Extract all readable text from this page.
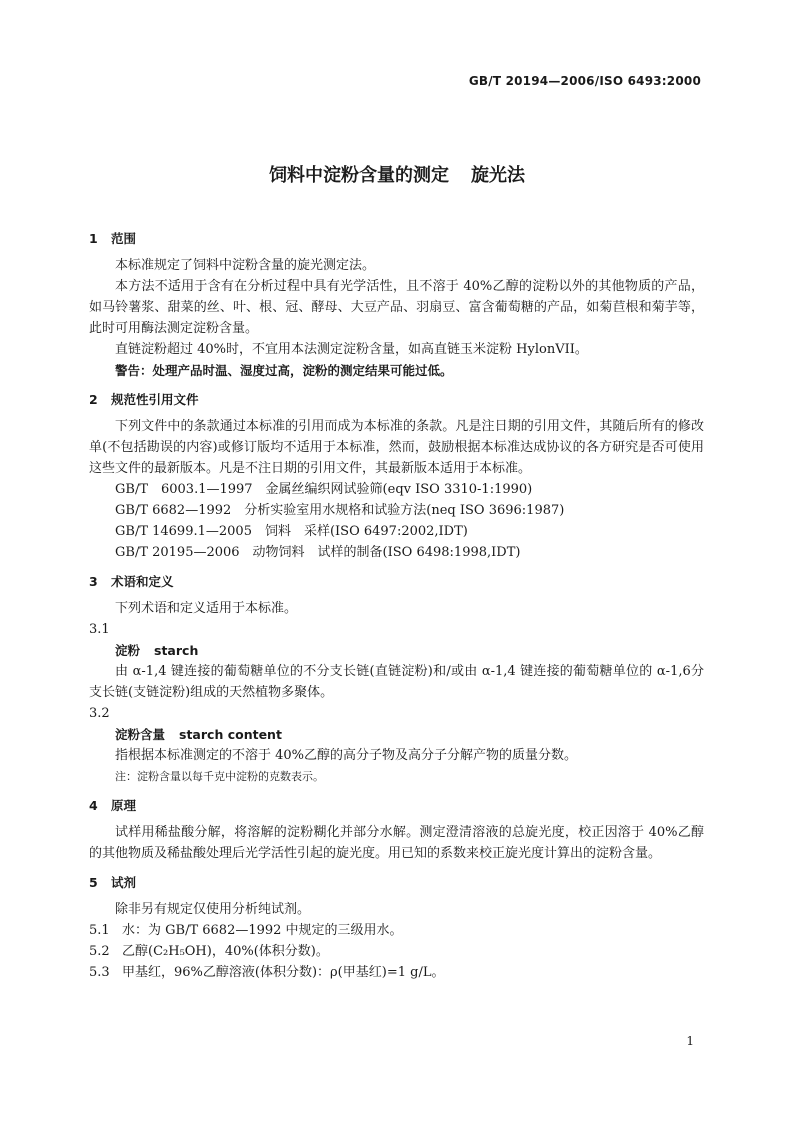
GB/T 20194—2006/ISO 6493:2000
饲料中淀粉含量的测定 旋光法
1 范围
本标准规定了饲料中淀粉含量的旋光测定法。
本方法不适用于含有在分析过程中具有光学活性，且不溶于 40%乙醇的淀粉以外的其他物质的产品，如马铃薯浆、甜菜的丝、叶、根、冠、酵母、大豆产品、羽扇豆、富含葡萄糖的产品，如菊苣根和菊芋等，此时可用酶法测定淀粉含量。
直链淀粉超过 40%时，不宜用本法测定淀粉含量，如高直链玉米淀粉 HylonVII。
警告：处理产品时温、湿度过高，淀粉的测定结果可能过低。
2 规范性引用文件
下列文件中的条款通过本标准的引用而成为本标准的条款。凡是注日期的引用文件，其随后所有的修改单(不包括勘误的内容)或修订版均不适用于本标准，然而，鼓励根据本标准达成协议的各方研究是否可使用这些文件的最新版本。凡是不注日期的引用文件，其最新版本适用于本标准。
GB/T　6003.1—1997　金属丝编织网试验筛(eqv ISO 3310-1:1990)
GB/T 6682—1992　分析实验室用水规格和试验方法(neq ISO 3696:1987)
GB/T 14699.1—2005　饲料　采样(ISO 6497:2002,IDT)
GB/T 20195—2006　动物饲料　试样的制备(ISO 6498:1998,IDT)
3 术语和定义
下列术语和定义适用于本标准。
3.1
淀粉 starch
由 α-1,4 键连接的葡萄糖单位的不分支长链(直链淀粉)和/或由 α-1,4 键连接的葡萄糖单位的 α-1,6分支长链(支链淀粉)组成的天然植物多聚体。
3.2
淀粉含量 starch content
指根据本标准测定的不溶于 40%乙醇的高分子物及高分子分解产物的质量分数。
注：淀粉含量以每千克中淀粉的克数表示。
4 原理
试样用稀盐酸分解，将溶解的淀粉糊化并部分水解。测定澄清溶液的总旋光度，校正因溶于 40%乙醇的其他物质及稀盐酸处理后光学活性引起的旋光度。用已知的系数来校正旋光度计算出的淀粉含量。
5 试剂
除非另有规定仅使用分析纯试剂。
5.1 水：为 GB/T 6682—1992 中规定的三级用水。
5.2 乙醇(C₂H₅OH)，40%(体积分数)。
5.3 甲基红，96%乙醇溶液(体积分数)：ρ(甲基红)=1 g/L。
1
